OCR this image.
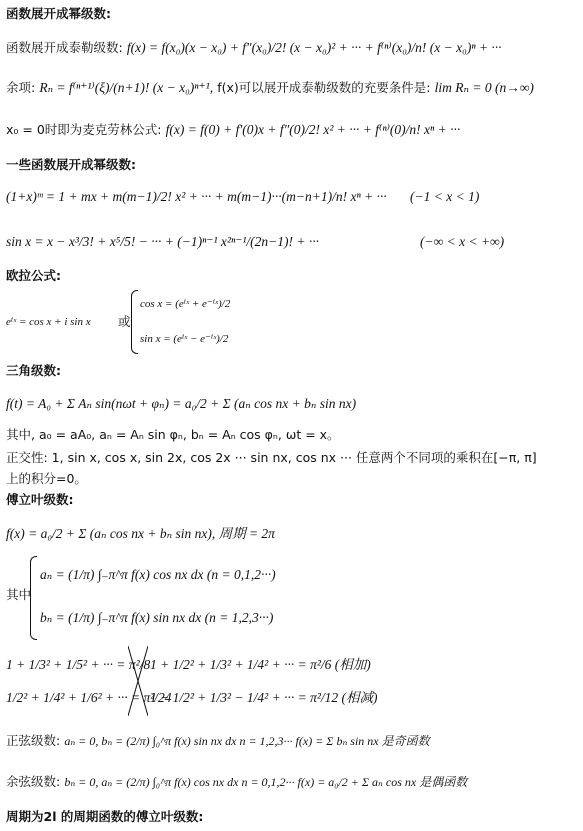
函数展开成幂级数:
函数展开成泰勒级数: f(x) = f(x₀)(x − x₀) + f″(x₀)/2! (x − x₀)² + ··· + f⁽ⁿ⁾(x₀)/n! (x − x₀)ⁿ + ···
余项: Rₙ = f⁽ⁿ⁺¹⁾(ξ)/(n+1)! (x − x₀)ⁿ⁺¹, f(x)可以展开成泰勒级数的充要条件是: lim Rₙ = 0 (n→∞)
x₀ = 0时即为麦克劳林公式: f(x) = f(0) + f′(0)x + f″(0)/2! x² + ··· + f⁽ⁿ⁾(0)/n! xⁿ + ···
一些函数展开成幂级数:
(1+x)ᵐ = 1 + mx + m(m−1)/2! x² + ··· + m(m−1)···(m−n+1)/n! xⁿ + ··· (−1 < x < 1)
sin x = x − x³/3! + x⁵/5! − ··· + (−1)ⁿ⁻¹ x²ⁿ⁻¹/(2n−1)! + ···	(−∞ < x < +∞)
欧拉公式:
eⁱˣ = cos x + i sin x 或
cos x = (eⁱˣ + e⁻ⁱˣ)/2
sin x = (eⁱˣ − e⁻ⁱˣ)/2
三角级数:
f(t) = A₀ + Σ Aₙ sin(nωt + φₙ) = a₀/2 + Σ (aₙ cos nx + bₙ sin nx)
其中, a₀ = aA₀, aₙ = Aₙ sin φₙ, bₙ = Aₙ cos φₙ, ωt = x。
正交性: 1, sin x, cos x, sin 2x, cos 2x ··· sin nx, cos nx ··· 任意两个不同项的乘积在[−π, π]
上的积分=0。
傅立叶级数:
f(x) = a₀/2 + Σ (aₙ cos nx + bₙ sin nx), 周期 = 2π
其中
aₙ = (1/π) ∫₋π^π f(x) cos nx dx (n = 0,1,2···)
bₙ = (1/π) ∫₋π^π f(x) sin nx dx (n = 1,2,3···)
1 + 1/3² + 1/5² + ··· = π²/8
1/2² + 1/4² + 1/6² + ··· = π²/24
1 + 1/2² + 1/3² + 1/4² + ··· = π²/6 (相加)
1 − 1/2² + 1/3² − 1/4² + ··· = π²/12 (相减)
正弦级数: aₙ = 0, bₙ = (2/π) ∫₀^π f(x) sin nx dx n = 1,2,3··· f(x) = Σ bₙ sin nx 是奇函数
余弦级数: bₙ = 0, aₙ = (2/π) ∫₀^π f(x) cos nx dx n = 0,1,2··· f(x) = a₀/2 + Σ aₙ cos nx 是偶函数
周期为2l 的周期函数的傅立叶级数:
